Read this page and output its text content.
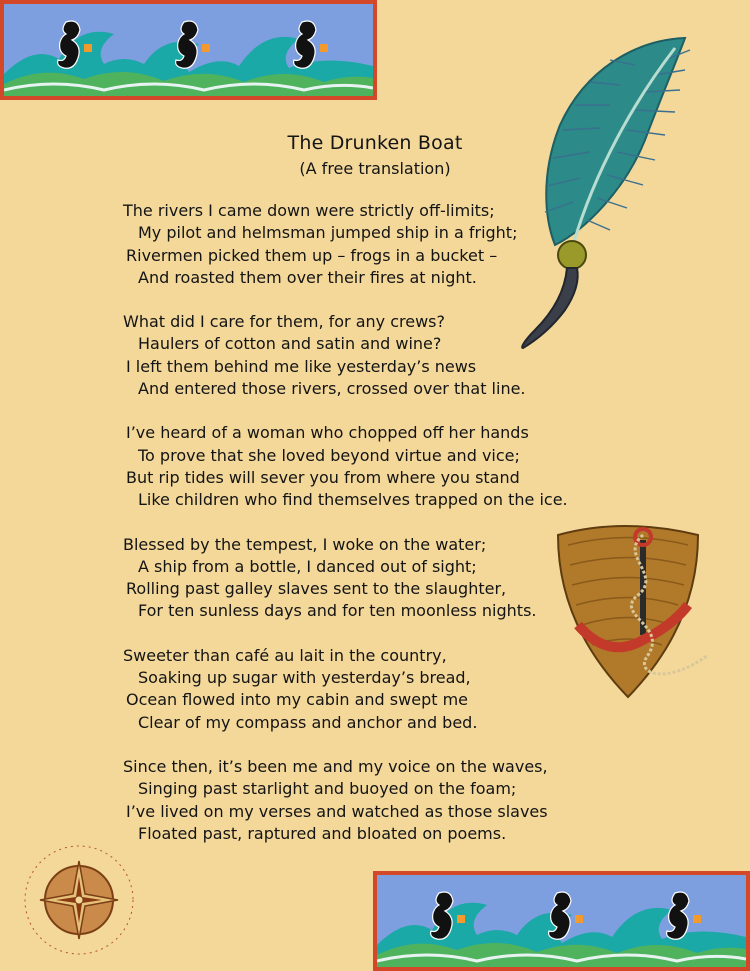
The Drunken Boat
(A free translation)
The rivers I came down were strictly off-limits;
My pilot and helmsman jumped ship in a fright;
Rivermen picked them up – frogs in a bucket –
And roasted them over their fires at night.
What did I care for them, for any crews?
Haulers of cotton and satin and wine?
I left them behind me like yesterday’s news
And entered those rivers, crossed over that line.
I’ve heard of a woman who chopped off her hands
To prove that she loved beyond virtue and vice;
But rip tides will sever you from where you stand
Like children who find themselves trapped on the ice.
Blessed by the tempest, I woke on the water;
A ship from a bottle, I danced out of sight;
Rolling past galley slaves sent to the slaughter,
For ten sunless days and for ten moonless nights.
Sweeter than café au lait in the country,
Soaking up sugar with yesterday’s bread,
Ocean flowed into my cabin and swept me
Clear of my compass and anchor and bed.
Since then, it’s been me and my voice on the waves,
Singing past starlight and buoyed on the foam;
I’ve lived on my verses and watched as those slaves
Floated past, raptured and bloated on poems.
